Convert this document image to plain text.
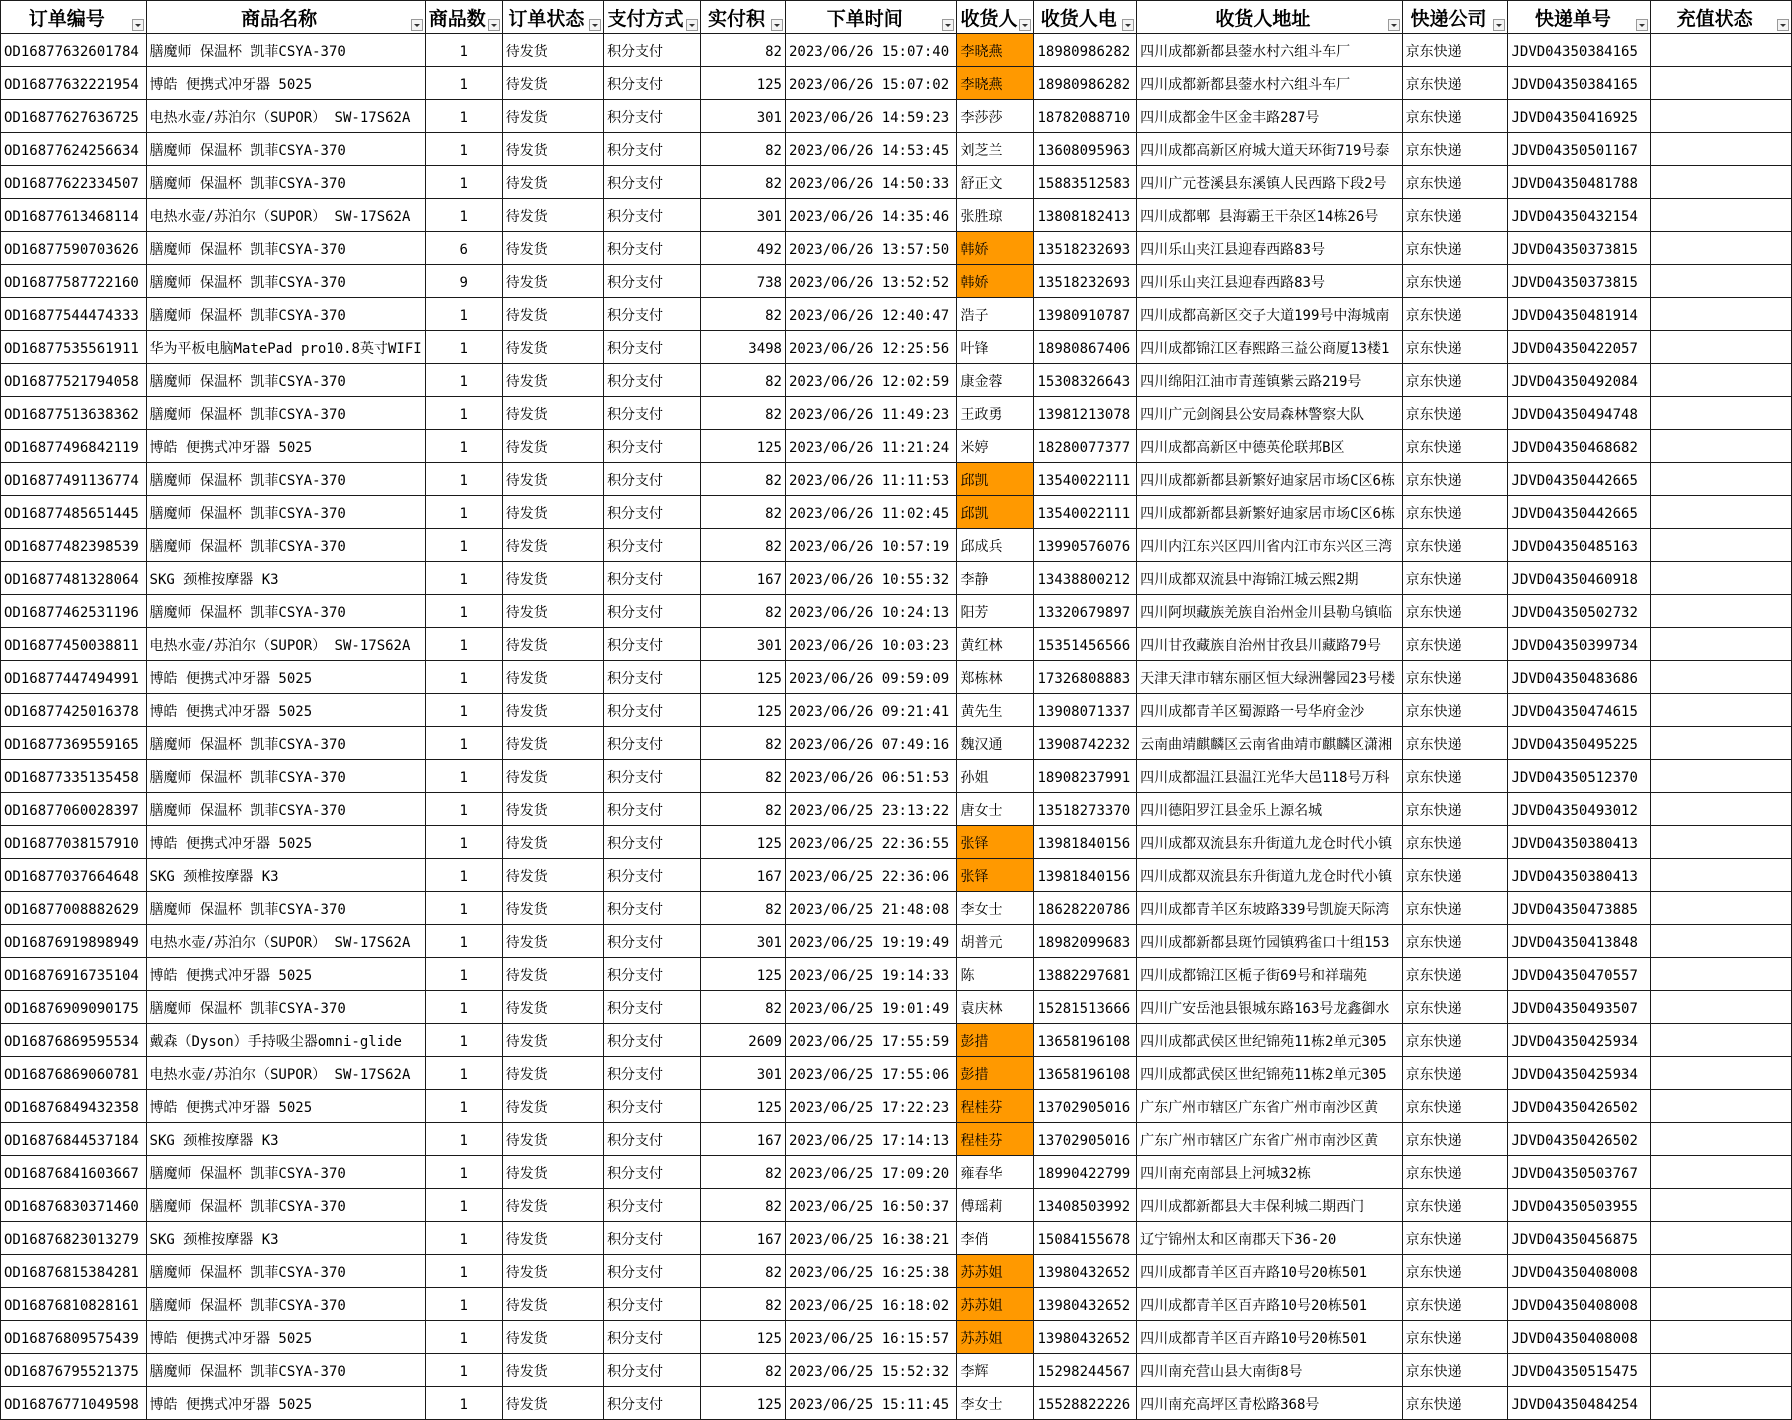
订单编号	商品名称	商品数	订单状态	支付方式	实付积	下单时间	收货人	收货人电	收货人地址	快递公司	快递单号	充值状态

OD16877632601784	膳魔师 保温杯 凯菲CSYA-370	1	待发货	积分支付	82	2023/06/26 15:07:40	李晓燕	18980986282	四川成都新都县蓥水村六组斗车厂	京东快递	JDVD04350384165	
OD16877632221954	博皓 便携式冲牙器 5025	1	待发货	积分支付	125	2023/06/26 15:07:02	李晓燕	18980986282	四川成都新都县蓥水村六组斗车厂	京东快递	JDVD04350384165	
OD16877627636725	电热水壶/苏泊尔（SUPOR） SW-17S62A	1	待发货	积分支付	301	2023/06/26 14:59:23	李莎莎	18782088710	四川成都金牛区金丰路287号	京东快递	JDVD04350416925	
OD16877624256634	膳魔师 保温杯 凯菲CSYA-370	1	待发货	积分支付	82	2023/06/26 14:53:45	刘芝兰	13608095963	四川成都高新区府城大道天环街719号泰	京东快递	JDVD04350501167	
OD16877622334507	膳魔师 保温杯 凯菲CSYA-370	1	待发货	积分支付	82	2023/06/26 14:50:33	舒正文	15883512583	四川广元苍溪县东溪镇人民西路下段2号	京东快递	JDVD04350481788	
OD16877613468114	电热水壶/苏泊尔（SUPOR） SW-17S62A	1	待发货	积分支付	301	2023/06/26 14:35:46	张胜琼	13808182413	四川成都郫 县海霸王干杂区14栋26号	京东快递	JDVD04350432154	
OD16877590703626	膳魔师 保温杯 凯菲CSYA-370	6	待发货	积分支付	492	2023/06/26 13:57:50	韩娇	13518232693	四川乐山夹江县迎春西路83号	京东快递	JDVD04350373815	
OD16877587722160	膳魔师 保温杯 凯菲CSYA-370	9	待发货	积分支付	738	2023/06/26 13:52:52	韩娇	13518232693	四川乐山夹江县迎春西路83号	京东快递	JDVD04350373815	
OD16877544474333	膳魔师 保温杯 凯菲CSYA-370	1	待发货	积分支付	82	2023/06/26 12:40:47	浩子	13980910787	四川成都高新区交子大道199号中海城南	京东快递	JDVD04350481914	
OD16877535561911	华为平板电脑MatePad pro10.8英寸WIFI	1	待发货	积分支付	3498	2023/06/26 12:25:56	叶锋	18980867406	四川成都锦江区春熙路三益公商厦13楼1	京东快递	JDVD04350422057	
OD16877521794058	膳魔师 保温杯 凯菲CSYA-370	1	待发货	积分支付	82	2023/06/26 12:02:59	康金蓉	15308326643	四川绵阳江油市青莲镇紫云路219号	京东快递	JDVD04350492084	
OD16877513638362	膳魔师 保温杯 凯菲CSYA-370	1	待发货	积分支付	82	2023/06/26 11:49:23	王政勇	13981213078	四川广元剑阁县公安局森林警察大队	京东快递	JDVD04350494748	
OD16877496842119	博皓 便携式冲牙器 5025	1	待发货	积分支付	125	2023/06/26 11:21:24	米婷	18280077377	四川成都高新区中德英伦联邦B区	京东快递	JDVD04350468682	
OD16877491136774	膳魔师 保温杯 凯菲CSYA-370	1	待发货	积分支付	82	2023/06/26 11:11:53	邱凯	13540022111	四川成都新都县新繁好迪家居市场C区6栋	京东快递	JDVD04350442665	
OD16877485651445	膳魔师 保温杯 凯菲CSYA-370	1	待发货	积分支付	82	2023/06/26 11:02:45	邱凯	13540022111	四川成都新都县新繁好迪家居市场C区6栋	京东快递	JDVD04350442665	
OD16877482398539	膳魔师 保温杯 凯菲CSYA-370	1	待发货	积分支付	82	2023/06/26 10:57:19	邱成兵	13990576076	四川内江东兴区四川省内江市东兴区三湾	京东快递	JDVD04350485163	
OD16877481328064	SKG 颈椎按摩器 K3	1	待发货	积分支付	167	2023/06/26 10:55:32	李静	13438800212	四川成都双流县中海锦江城云熙2期	京东快递	JDVD04350460918	
OD16877462531196	膳魔师 保温杯 凯菲CSYA-370	1	待发货	积分支付	82	2023/06/26 10:24:13	阳芳	13320679897	四川阿坝藏族羌族自治州金川县勒乌镇临	京东快递	JDVD04350502732	
OD16877450038811	电热水壶/苏泊尔（SUPOR） SW-17S62A	1	待发货	积分支付	301	2023/06/26 10:03:23	黄红林	15351456566	四川甘孜藏族自治州甘孜县川藏路79号	京东快递	JDVD04350399734	
OD16877447494991	博皓 便携式冲牙器 5025	1	待发货	积分支付	125	2023/06/26 09:59:09	郑栋林	17326808883	天津天津市辖东丽区恒大绿洲馨园23号楼	京东快递	JDVD04350483686	
OD16877425016378	博皓 便携式冲牙器 5025	1	待发货	积分支付	125	2023/06/26 09:21:41	黄先生	13908071337	四川成都青羊区蜀源路一号华府金沙	京东快递	JDVD04350474615	
OD16877369559165	膳魔师 保温杯 凯菲CSYA-370	1	待发货	积分支付	82	2023/06/26 07:49:16	魏汉通	13908742232	云南曲靖麒麟区云南省曲靖市麒麟区潇湘	京东快递	JDVD04350495225	
OD16877335135458	膳魔师 保温杯 凯菲CSYA-370	1	待发货	积分支付	82	2023/06/26 06:51:53	孙姐	18908237991	四川成都温江县温江光华大邑118号万科	京东快递	JDVD04350512370	
OD16877060028397	膳魔师 保温杯 凯菲CSYA-370	1	待发货	积分支付	82	2023/06/25 23:13:22	唐女士	13518273370	四川德阳罗江县金乐上源名城	京东快递	JDVD04350493012	
OD16877038157910	博皓 便携式冲牙器 5025	1	待发货	积分支付	125	2023/06/25 22:36:55	张铎	13981840156	四川成都双流县东升街道九龙仓时代小镇	京东快递	JDVD04350380413	
OD16877037664648	SKG 颈椎按摩器 K3	1	待发货	积分支付	167	2023/06/25 22:36:06	张铎	13981840156	四川成都双流县东升街道九龙仓时代小镇	京东快递	JDVD04350380413	
OD16877008882629	膳魔师 保温杯 凯菲CSYA-370	1	待发货	积分支付	82	2023/06/25 21:48:08	李女士	18628220786	四川成都青羊区东坡路339号凯旋天际湾	京东快递	JDVD04350473885	
OD16876919898949	电热水壶/苏泊尔（SUPOR） SW-17S62A	1	待发货	积分支付	301	2023/06/25 19:19:49	胡普元	18982099683	四川成都新都县斑竹园镇鸦雀口十组153	京东快递	JDVD04350413848	
OD16876916735104	博皓 便携式冲牙器 5025	1	待发货	积分支付	125	2023/06/25 19:14:33	陈	13882297681	四川成都锦江区栀子街69号和祥瑞苑	京东快递	JDVD04350470557	
OD16876909090175	膳魔师 保温杯 凯菲CSYA-370	1	待发货	积分支付	82	2023/06/25 19:01:49	袁庆林	15281513666	四川广安岳池县银城东路163号龙鑫御水	京东快递	JDVD04350493507	
OD16876869595534	戴森（Dyson）手持吸尘器omni-glide	1	待发货	积分支付	2609	2023/06/25 17:55:59	彭措	13658196108	四川成都武侯区世纪锦苑11栋2单元305	京东快递	JDVD04350425934	
OD16876869060781	电热水壶/苏泊尔（SUPOR） SW-17S62A	1	待发货	积分支付	301	2023/06/25 17:55:06	彭措	13658196108	四川成都武侯区世纪锦苑11栋2单元305	京东快递	JDVD04350425934	
OD16876849432358	博皓 便携式冲牙器 5025	1	待发货	积分支付	125	2023/06/25 17:22:23	程桂芬	13702905016	广东广州市辖区广东省广州市南沙区黄	京东快递	JDVD04350426502	
OD16876844537184	SKG 颈椎按摩器 K3	1	待发货	积分支付	167	2023/06/25 17:14:13	程桂芬	13702905016	广东广州市辖区广东省广州市南沙区黄	京东快递	JDVD04350426502	
OD16876841603667	膳魔师 保温杯 凯菲CSYA-370	1	待发货	积分支付	82	2023/06/25 17:09:20	雍春华	18990422799	四川南充南部县上河城32栋	京东快递	JDVD04350503767	
OD16876830371460	膳魔师 保温杯 凯菲CSYA-370	1	待发货	积分支付	82	2023/06/25 16:50:37	傅瑶莉	13408503992	四川成都新都县大丰保利城二期西门	京东快递	JDVD04350503955	
OD16876823013279	SKG 颈椎按摩器 K3	1	待发货	积分支付	167	2023/06/25 16:38:21	李俏	15084155678	辽宁锦州太和区南郡天下36-20	京东快递	JDVD04350456875	
OD16876815384281	膳魔师 保温杯 凯菲CSYA-370	1	待发货	积分支付	82	2023/06/25 16:25:38	苏苏姐	13980432652	四川成都青羊区百卉路10号20栋501	京东快递	JDVD04350408008	
OD16876810828161	膳魔师 保温杯 凯菲CSYA-370	1	待发货	积分支付	82	2023/06/25 16:18:02	苏苏姐	13980432652	四川成都青羊区百卉路10号20栋501	京东快递	JDVD04350408008	
OD16876809575439	博皓 便携式冲牙器 5025	1	待发货	积分支付	125	2023/06/25 16:15:57	苏苏姐	13980432652	四川成都青羊区百卉路10号20栋501	京东快递	JDVD04350408008	
OD16876795521375	膳魔师 保温杯 凯菲CSYA-370	1	待发货	积分支付	82	2023/06/25 15:52:32	李辉	15298244567	四川南充营山县大南街8号	京东快递	JDVD04350515475	
OD16876771049598	博皓 便携式冲牙器 5025	1	待发货	积分支付	125	2023/06/25 15:11:45	李女士	15528822226	四川南充高坪区青松路368号	京东快递	JDVD04350484254	
